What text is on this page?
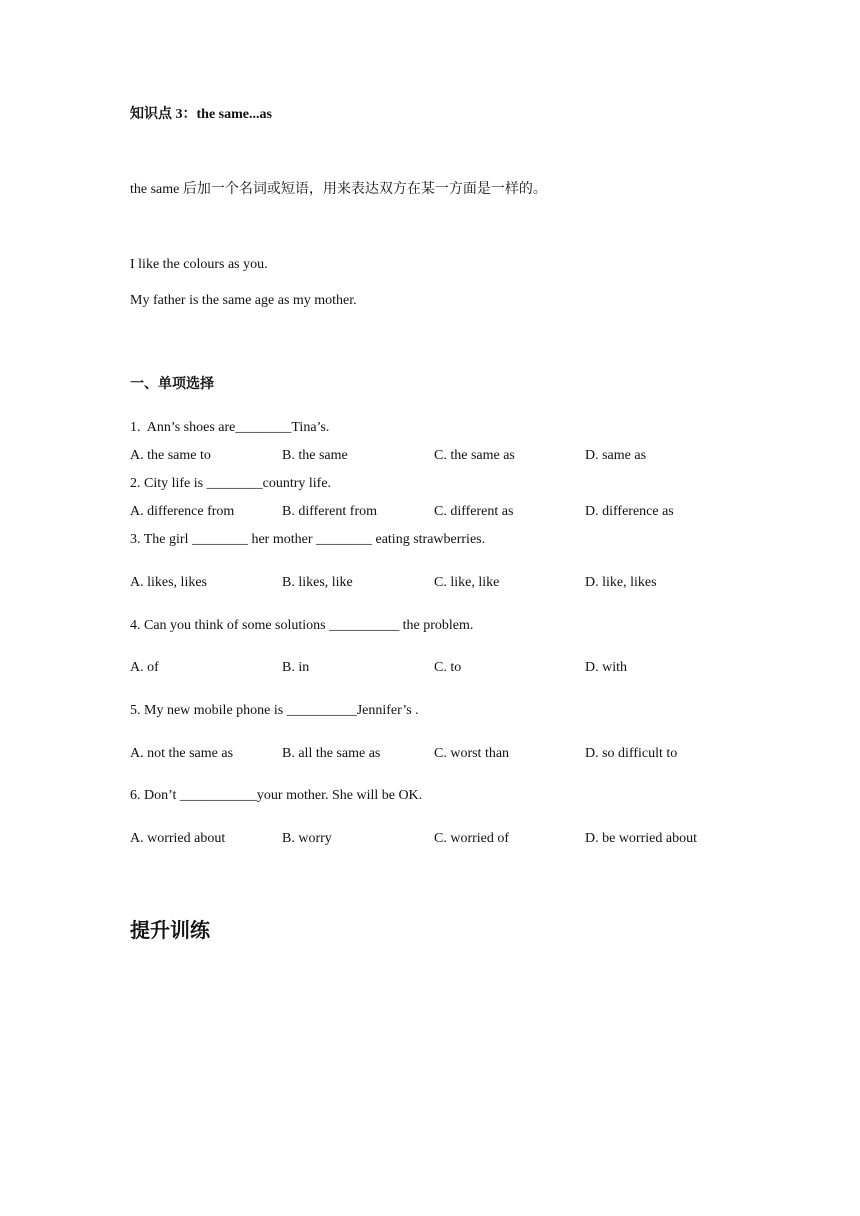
知识点 3：the same...as
the same 后加一个名词或短语，用来表达双方在某一方面是一样的。
I like the colours as you.
My father is the same age as my mother.
一、单项选择
1.  Ann’s shoes are________Tina’s.
A. the same to	B. the same	C. the same as	D. same as
2. City life is ________country life.
A. difference from	B. different from	C. different as	D. difference as
3. The girl ________ her mother ________ eating strawberries.
A. likes, likes	B. likes, like	C. like, like	D. like, likes
4. Can you think of some solutions __________ the problem.
A. of	B. in	C. to	D. with
5. My new mobile phone is __________Jennifer’s .
A. not the same as	B. all the same as	C. worst than	D. so difficult to
6. Don’t ___________your mother. She will be OK.
A. worried about	B. worry	C. worried of	D. be worried about
提升训练
